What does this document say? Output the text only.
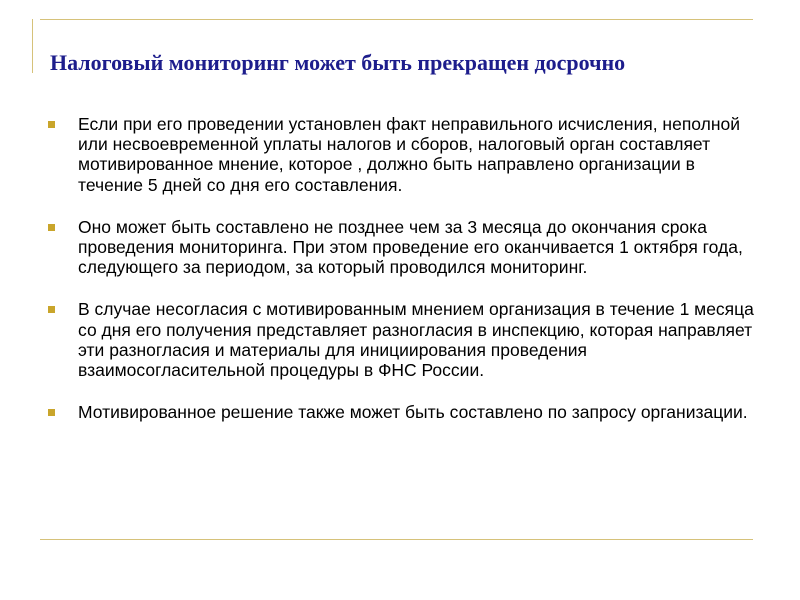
Налоговый мониторинг может быть прекращен досрочно
Если при его проведении установлен факт неправильного исчисления, неполной или несвоевременной уплаты налогов и сборов, налоговый орган составляет мотивированное мнение, которое , должно быть направлено организации в течение 5 дней со дня его составления.
Оно может быть составлено не позднее чем за 3 месяца до окончания срока проведения мониторинга. При этом проведение его оканчивается 1 октября года, следующего за периодом, за который проводился мониторинг.
В случае несогласия с мотивированным мнением организация в течение 1 месяца со дня его получения представляет разногласия в инспекцию, которая направляет эти разногласия и материалы для инициирования проведения взаимосогласительной процедуры в ФНС России.
Мотивированное решение также может быть составлено по запросу организации.
